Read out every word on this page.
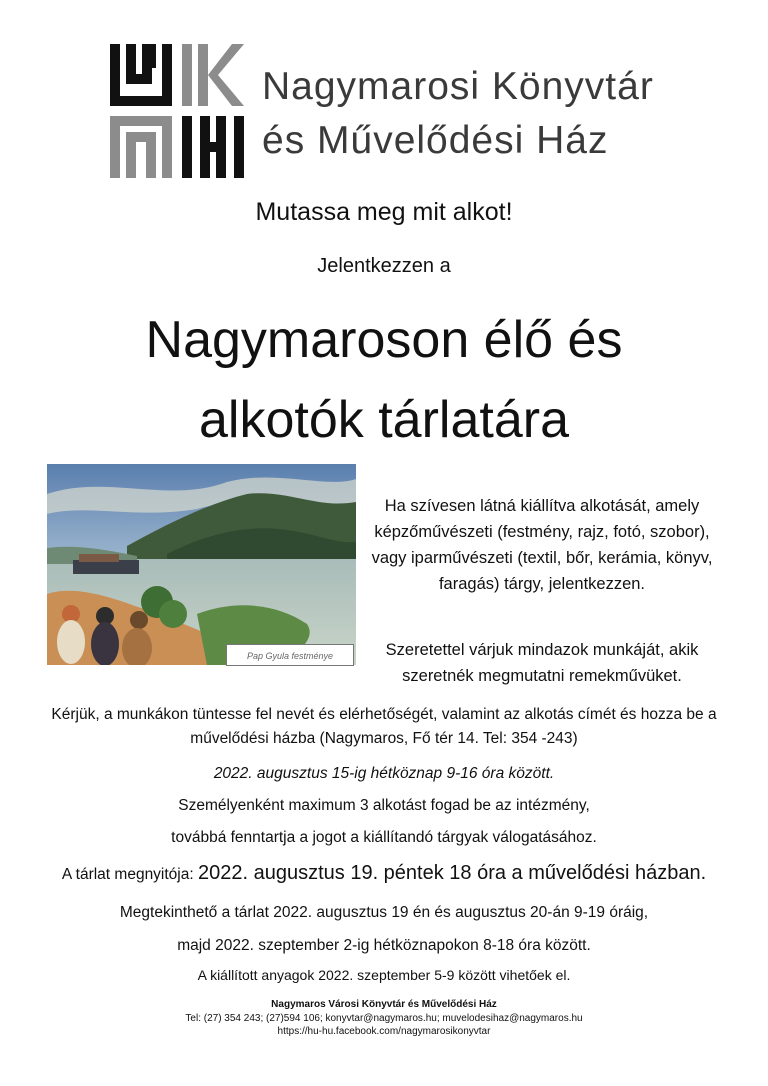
Nagymarosi Könyvtár
és Művelődési Ház
Mutassa meg mit alkot!
Jelentkezzen a
Nagymaroson élő és
alkotók tárlatára
Pap Gyula festménye
Ha szívesen látná kiállítva alkotását, amely képzőművészeti (festmény, rajz, fotó, szobor), vagy iparművészeti (textil, bőr, kerámia, könyv, faragás) tárgy, jelentkezzen.
Szeretettel várjuk mindazok munkáját, akik szeretnék megmutatni remekművüket.
Kérjük, a munkákon tüntesse fel nevét és elérhetőségét, valamint az alkotás címét és hozza be a művelődési házba (Nagymaros, Fő tér 14. Tel: 354 -243)
2022. augusztus 15-ig hétköznap 9-16 óra között.
Személyenként maximum 3 alkotást fogad be az intézmény,
továbbá fenntartja a jogot a kiállítandó tárgyak válogatásához.
A tárlat megnyitója: 2022. augusztus 19. péntek 18 óra a művelődési házban.
Megtekinthető a tárlat 2022. augusztus 19 én és augusztus 20-án 9-19 óráig,
majd 2022. szeptember 2-ig hétköznapokon 8-18 óra között.
A kiállított anyagok 2022. szeptember 5-9 között vihetőek el.
Nagymaros Városi Könyvtár és Művelődési Ház
Tel: (27) 354 243; (27)594 106; konyvtar@nagymaros.hu; muvelodesihaz@nagymaros.hu
https://hu-hu.facebook.com/nagymarosikonyvtar
